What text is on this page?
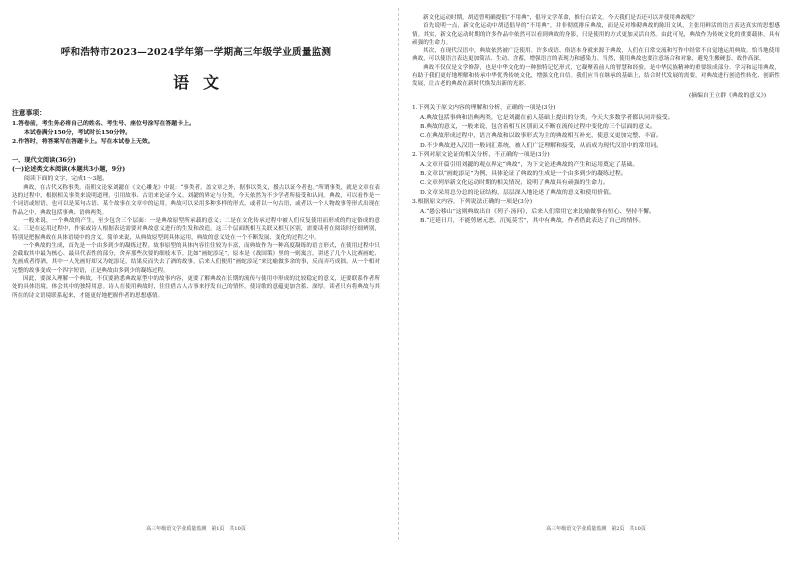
呼和浩特市2023—2024学年第一学期高三年级学业质量监测
语文
注意事项：
1.答卷前，考生务必将自己的姓名、考生号、座位号涂写在答题卡上。
本试卷满分150分，考试时长150分钟。
2.作答时，将答案写在答题卡上。写在本试卷上无效。
一、现代文阅读(36分)
(一)论述类文本阅读(本题共3小题，9分)
阅读下面的文字，完成1～3题。

典故，在古代又称事类。南朝文论家刘勰在《文心雕龙》中说：“事类者，盖文章之外，据事以类义，援古以证今者也。”所谓事类，就是文章在表达的过程中，根据相关事类来说明道理，引用故事、古语来论证今义。刘勰的界定与分类，今天依然为不少学者所接受和认同。典故，可以看作是一个词语或短语，也可以是某句古语、某个故事在文章中的运用。典故可以采用多种多样的形式，或者以一句古语，或者以一个人物故事等形式出现在作品之中，典故包括事典、语典两类。

一般来说，一个典故的产生，至少包含三个层面：一是典故原型所承载的意义；二是在文化传承过程中被人们反复使用而形成的约定俗成的意义；三是在运用过程中，作家或诗人根据表达需要对典故意义进行的生发和改造。这三个层面既相互关联又相互区别，需要读者在阅读时仔细辨别，特别是把握典故在具体语境中的含义。简单来说，从典故原型到具体运用，典故的意义处在一个不断发展、变化的过程之中。

一个典故的生成，首先是一个由多到少的凝练过程。故事原型的具体内容往往较为丰富，而典故作为一种高度凝练的语言形式，在使用过程中只会截取其中最为核心、最具代表性的部分，舍弃那些次要的细枝末节。比如“画蛇添足”，原本是《战国策》里的一则寓言，讲述了几个人比赛画蛇、先画成者得酒，其中一人先画好却又为蛇添足，结果反而失去了酒的故事，后来人们便用“画蛇添足”来比喻做多余的事，反而弄巧成拙。从一个相对完整的故事变成一个四字短语，正是典故由多到少的凝练过程。

因此，要深入理解一个典故，不仅要熟悉典故原型中的故事内容，更要了解典故在长期的流传与使用中形成的比较稳定的意义，还要联系作者所处的具体语境，体会其中的独特用意。诗人在使用典故时，往往借古人古事来抒发自己的情怀，使诗歌的意蕴更加含蓄、深厚。读者只有将典故与其所在的诗文语境联系起来，才能更好地把握作者的思想感情。

高三年级语文学业质量监测　第1页　共10页

新文化运动时期，胡适曾明确提倡“不用典”，倡导文学革命，推行白话文。今天我们是否还可以并使用典故呢？

首先说明一点，新文化运动中胡适倡导的“不用典”，并非彻底排斥典故，而是反对堆砌典故的陈旧文风，主张用鲜活的语言表达真实的思想感情。其实，新文化运动时期的许多作品中依然可以看到典故的身影，只是使用的方式更加灵活自然。由此可见，典故作为传统文化的重要载体，具有顽强的生命力。

其次，在现代汉语中，典故依然被广泛使用。许多成语、俗语本身就来源于典故，人们在日常交流和写作中经常不自觉地运用典故。恰当地使用典故，可以使语言表达更加简洁、生动、含蓄，增强语言的表现力和感染力。当然，使用典故也要注意场合和对象，避免生搬硬套、故作高深。

典故不仅仅是文学修辞，也是中华文化的一种独特记忆形式，它凝聚着前人的智慧和经验，是中华民族精神的重要组成部分。学习和运用典故，有助于我们更好地理解和传承中华优秀传统文化，增强文化自信。我们应当在继承的基础上，结合时代发展的需要，对典故进行创造性转化、创新性发展，让古老的典故在新时代焕发出新的光彩。

(摘编自王立群《典故的意义》)
1.下列关于原文内容的理解和分析，正确的一项是(3分)
A.典故包括事典和语典两类，它是刘勰在前人基础上提出的分类，今天大多数学者都认同并接受。
B.典故的意义，一般来说，包含着相互区别而又不断在流传过程中变化的三个层面的意义。
C.在典故形成过程中，语言典故和以故事形式为主的典故相互补充，使意义更加完整、丰富。
D.不少典故进入汉语一般词汇系统，被人们广泛理解和接受，从而成为现代汉语中的常用词。
2.下列对原文论证的相关分析，不正确的一项是(3分)
A.文章开篇引用刘勰的观点界定“典故”，为下文论述典故的产生和运用奠定了基础。
B.文章以“画蛇添足”为例，具体论证了典故的生成是一个由多到少的凝练过程。
C.文章列举新文化运动时期的相关情况，说明了典故具有顽强的生命力。
D.文章采用总分总的论证结构，层层深入地论述了典故的意义和使用价值。
3.根据原文内容，下列说法正确的一项是(3分)
A.“愚公移山”这则典故出自《列子·汤问》，后来人们常用它来比喻做事有恒心、坚持不懈。
B.“迁延日月，不能剪屠元恶，沉冤莫雪”，其中有典故，作者借此表达了自己的情怀。
高三年级语文学业质量监测　第2页　共10页
